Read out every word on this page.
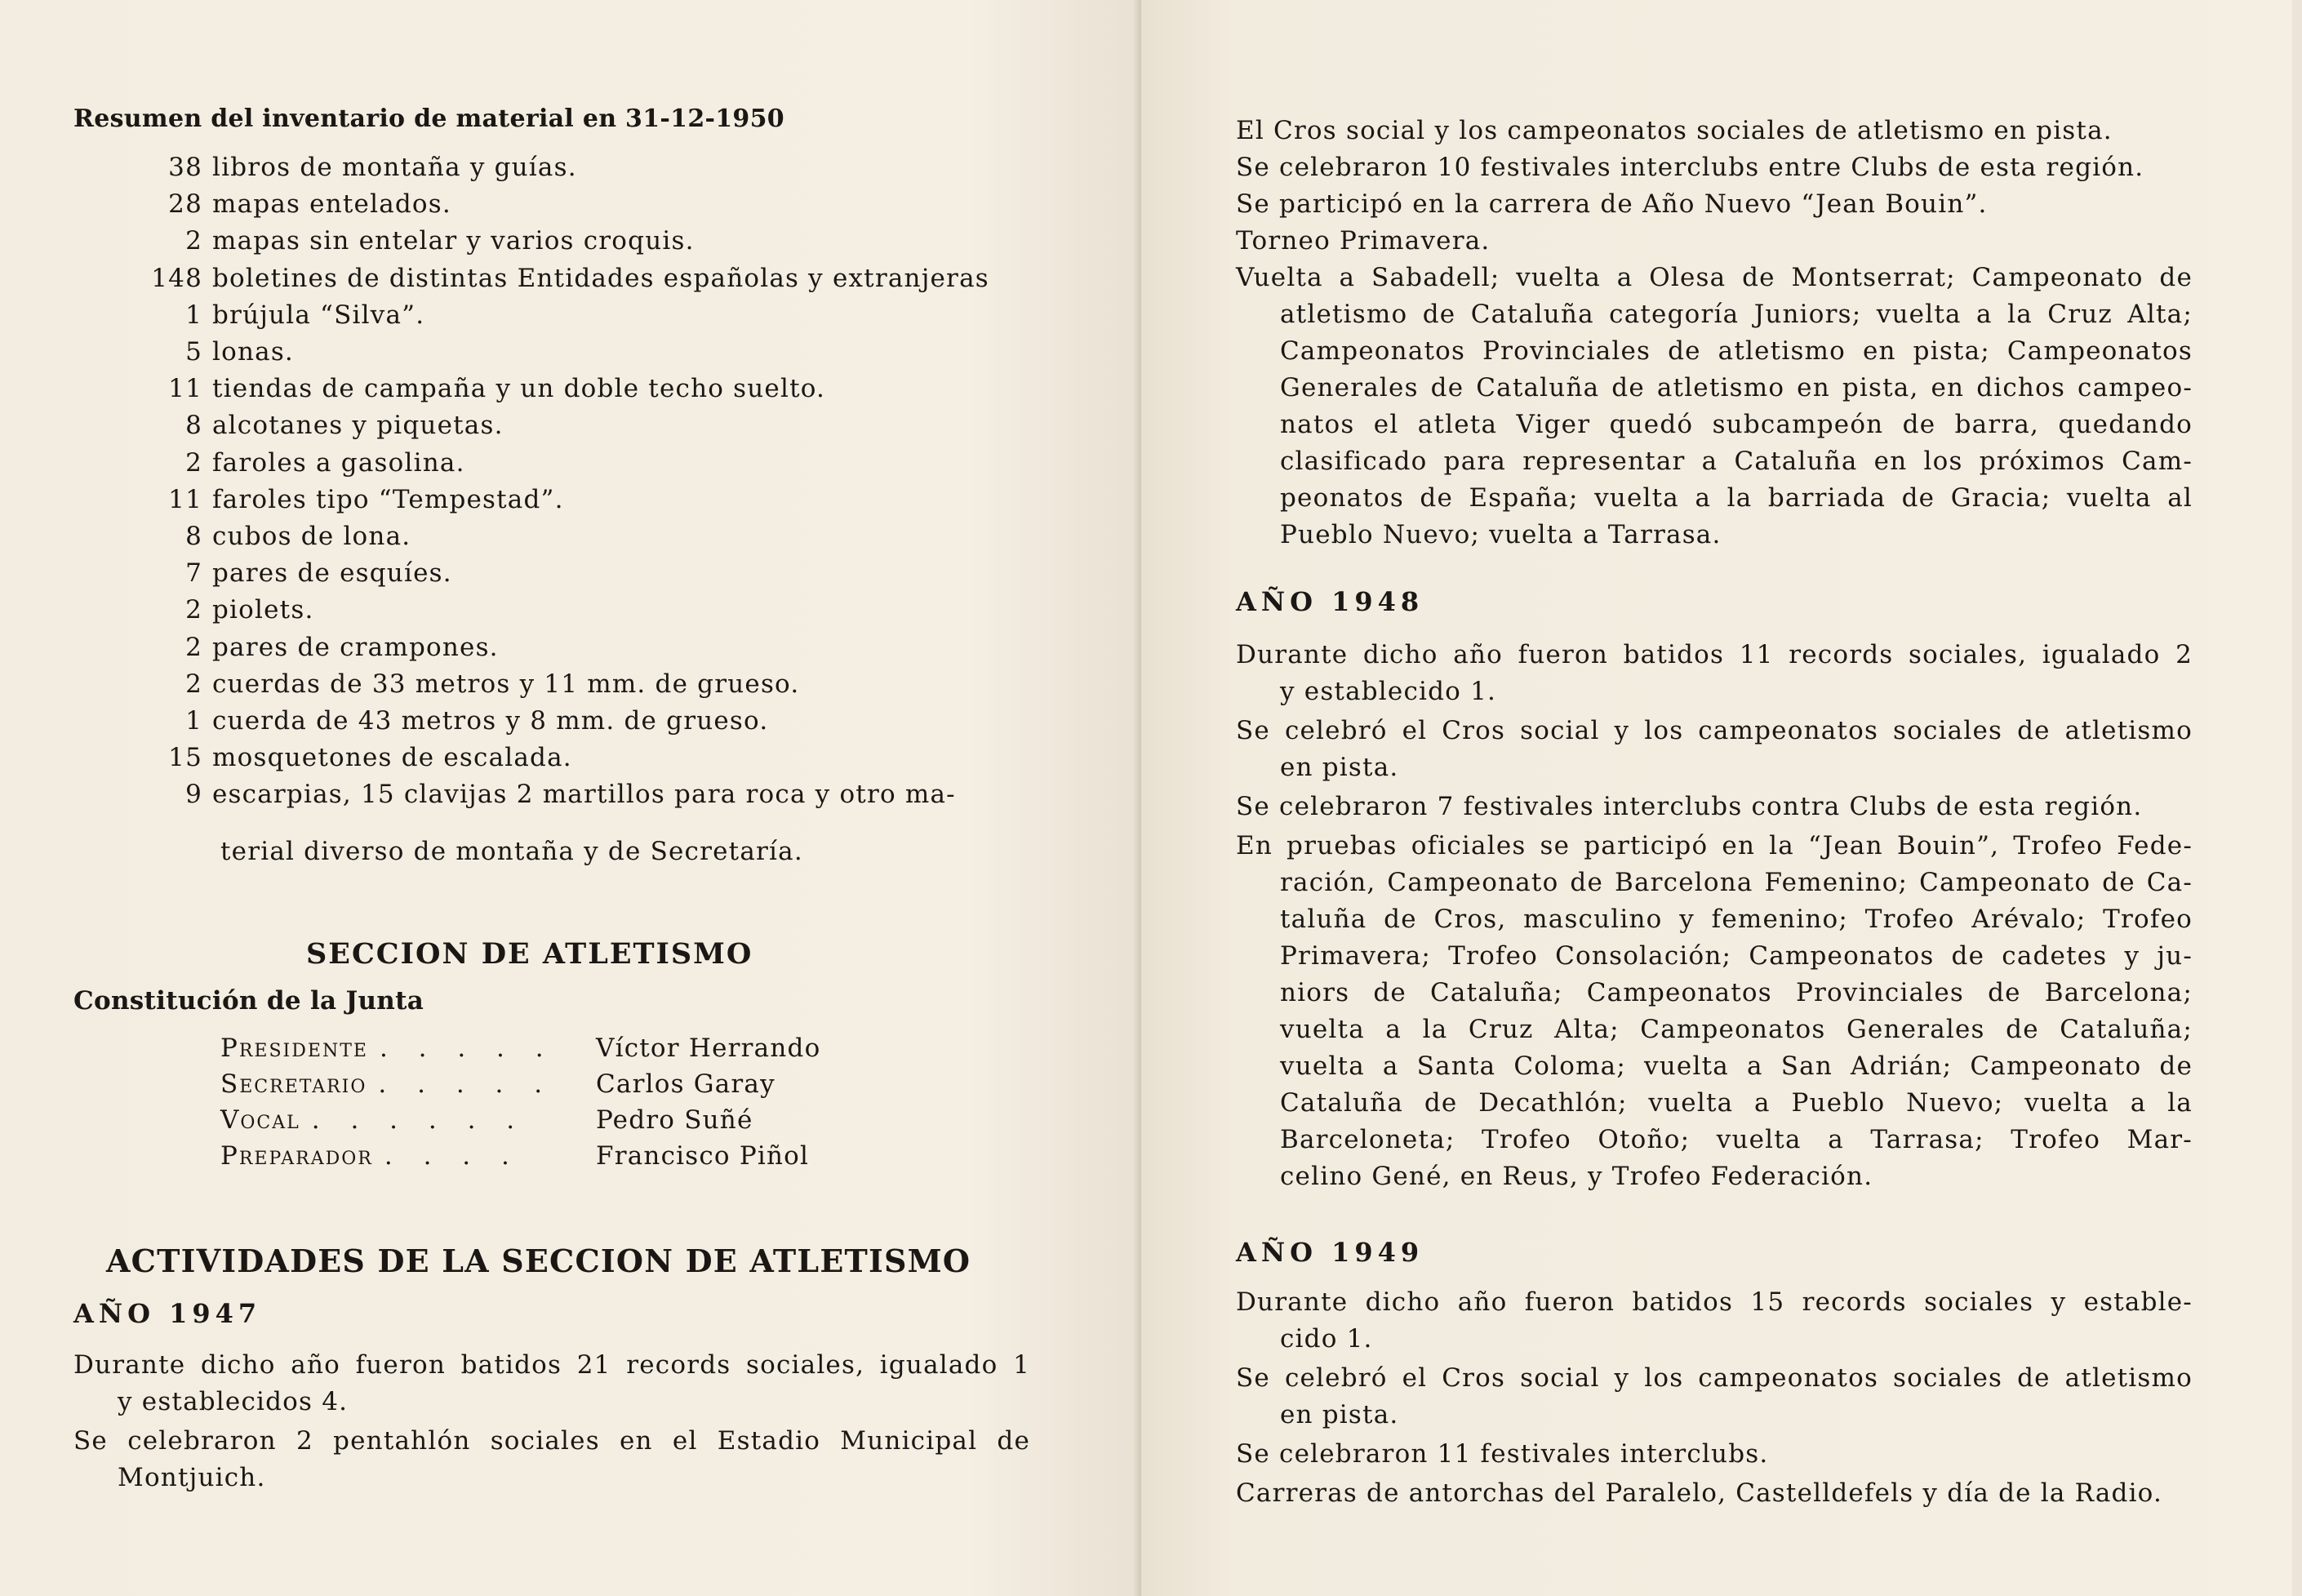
Resumen del inventario de material en 31-12-1950
38 libros de montaña y guías.
28 mapas entelados.
2 mapas sin entelar y varios croquis.
148 boletines de distintas Entidades españolas y extranjeras
1 brújula “Silva”.
5 lonas.
11 tiendas de campaña y un doble techo suelto.
8 alcotanes y piquetas.
2 faroles a gasolina.
11 faroles tipo “Tempestad”.
8 cubos de lona.
7 pares de esquíes.
2 piolets.
2 pares de crampones.
2 cuerdas de 33 metros y 11 mm. de grueso.
1 cuerda de 43 metros y 8 mm. de grueso.
15 mosquetones de escalada.
9 escarpias, 15 clavijas 2 martillos para roca y otro ma-
terial diverso de montaña y de Secretaría.
SECCION DE ATLETISMO
Constitución de la Junta
Presidente . . . . . Víctor Herrando
Secretario . . . . . Carlos Garay
Vocal . . . . . .	Pedro Suñé
Preparador . . . .	Francisco Piñol
ACTIVIDADES DE LA SECCION DE ATLETISMO
AÑO 1947
Durante dicho año fueron batidos 21 records sociales, igualado 1
y establecidos 4.
Se celebraron 2 pentahlón sociales en el Estadio Municipal de
Montjuich.
El Cros social y los campeonatos sociales de atletismo en pista.
Se celebraron 10 festivales interclubs entre Clubs de esta región.
Se participó en la carrera de Año Nuevo “Jean Bouin”.
Torneo Primavera.
Vuelta a Sabadell; vuelta a Olesa de Montserrat; Campeonato de
atletismo de Cataluña categoría Juniors; vuelta a la Cruz Alta;
Campeonatos Provinciales de atletismo en pista; Campeonatos
Generales de Cataluña de atletismo en pista, en dichos campeo-
natos el atleta Viger quedó subcampeón de barra, quedando
clasificado para representar a Cataluña en los próximos Cam-
peonatos de España; vuelta a la barriada de Gracia; vuelta al
Pueblo Nuevo; vuelta a Tarrasa.
AÑO 1948
Durante dicho año fueron batidos 11 records sociales, igualado 2
y establecido 1.
Se celebró el Cros social y los campeonatos sociales de atletismo
en pista.
Se celebraron 7 festivales interclubs contra Clubs de esta región.
En pruebas oficiales se participó en la “Jean Bouin”, Trofeo Fede-
ración, Campeonato de Barcelona Femenino; Campeonato de Ca-
taluña de Cros, masculino y femenino; Trofeo Arévalo; Trofeo
Primavera; Trofeo Consolación; Campeonatos de cadetes y ju-
niors de Cataluña; Campeonatos Provinciales de Barcelona;
vuelta a la Cruz Alta; Campeonatos Generales de Cataluña;
vuelta a Santa Coloma; vuelta a San Adrián; Campeonato de
Cataluña de Decathlón; vuelta a Pueblo Nuevo; vuelta a la
Barceloneta; Trofeo Otoño; vuelta a Tarrasa; Trofeo Mar-
celino Gené, en Reus, y Trofeo Federación.
AÑO 1949
Durante dicho año fueron batidos 15 records sociales y estable-
cido 1.
Se celebró el Cros social y los campeonatos sociales de atletismo
en pista.
Se celebraron 11 festivales interclubs.
Carreras de antorchas del Paralelo, Castelldefels y día de la Radio.
